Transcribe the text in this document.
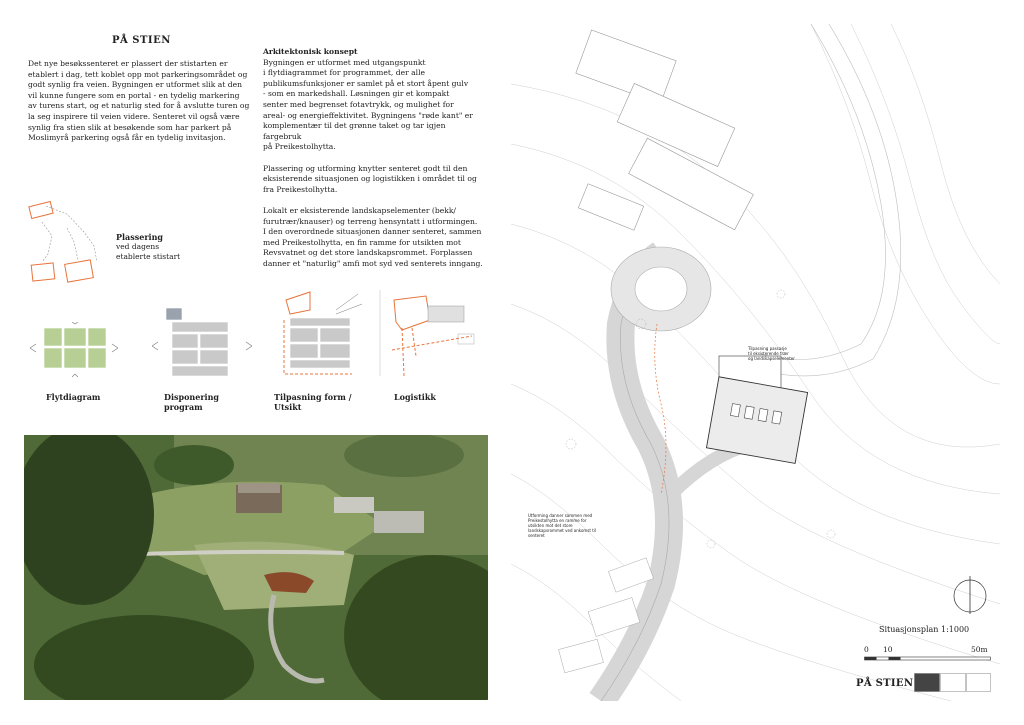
PÅ STIEN
Det nye besøkssenteret er plassert der stistarten er
etablert i dag, tett koblet opp mot parkeringsområdet og
godt synlig fra veien. Bygningen er utformet slik at den
vil kunne fungere som en portal - en tydelig markering
av turens start, og et naturlig sted for å avslutte turen og
la seg inspirere til veien videre. Senteret vil også være
synlig fra stien slik at besøkende som har parkert på
Moslimyrå parkering også får en tydelig invitasjon.
Arkitektonisk konsept
Bygningen er utformet med utgangspunkt
i flytdiagrammet for programmet, der alle
publikumsfunksjoner er samlet på et stort åpent gulv
- som en markedshall. Løsningen gir et kompakt
senter med begrenset fotavtrykk, og mulighet for
areal- og energieffektivitet. Bygningens "røde kant" er
komplementær til det grønne taket og tar igjen fargebruk
på Preikestolhytta.
Plassering og utforming knytter senteret godt til den
eksisterende situasjonen og logistikken i området til og
fra Preikestolhytta.
Lokalt er eksisterende landskapselementer (bekk/
furutrær/knauser) og terreng hensyntatt i utformingen.
I den overordnede situasjonen danner senteret, sammen
med Preikestolhytta, en fin ramme for utsikten mot
Revsvatnet og det store landskapsrommet. Forplassen
danner et "naturlig" amfi mot syd ved senterets inngang.
Plassering
ved dagens
etablerte stistart
Flytdiagram	Disponering
program
Tilpasning form /
Utsikt
Logistikk
Tilpasning passasje
til eksisterende trær
og landskapselementer
Utforming danner sammen med
Preikestolhytta en ramme for
utsikten mot det store
landskapsrommet ved ankomst til
senteret
Situasjonsplan 1:1000
0 10	50m
PÅ STIEN
